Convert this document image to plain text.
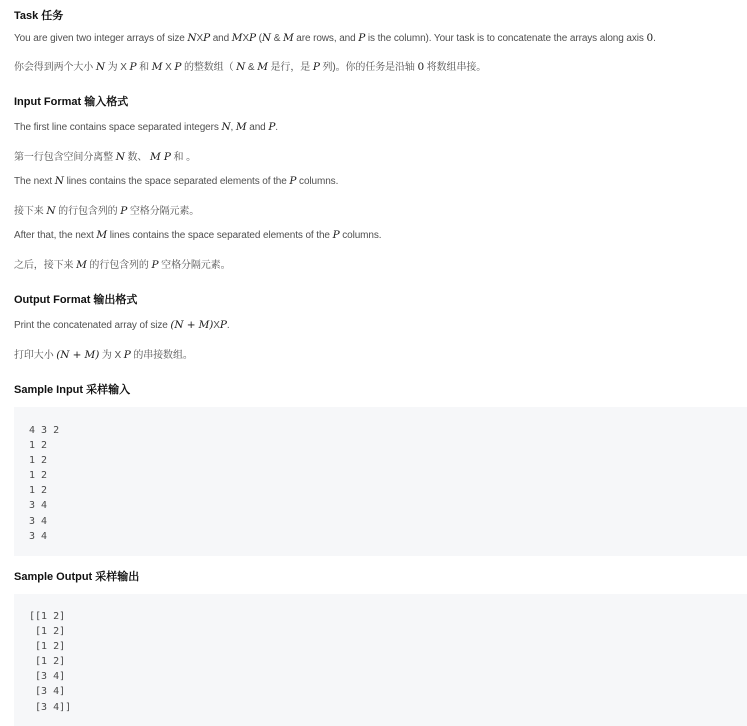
Task 任务

You are given two integer arrays of size NXP and MXP (N & M are rows, and P is the column). Your task is to concatenate the arrays along axis 0.

你会得到两个大小 N 为 X P 和 M X P 的整数组（ N & M 是行，是 P 列)。你的任务是沿轴 0 将数组串接。

Input Format 输入格式

The first line contains space separated integers N, M and P.

第一行包含空间分离整 N 数、 M P 和 。

The next N lines contains the space separated elements of the P columns.

接下来 N 的行包含列的 P 空格分隔元素。

After that, the next M lines contains the space separated elements of the P columns.

之后，接下来 M 的行包含列的 P 空格分隔元素。

Output Format 输出格式

Print the concatenated array of size (N + M)XP.

打印大小 (N + M) 为 X P 的串接数组。

Sample Input 采样输入
4 3 2
1 2
1 2
1 2
1 2
3 4
3 4
3 4
Sample Output 采样输出
[[1 2]
[1 2]
[1 2]
[1 2]
[3 4]
[3 4]
[3 4]]
